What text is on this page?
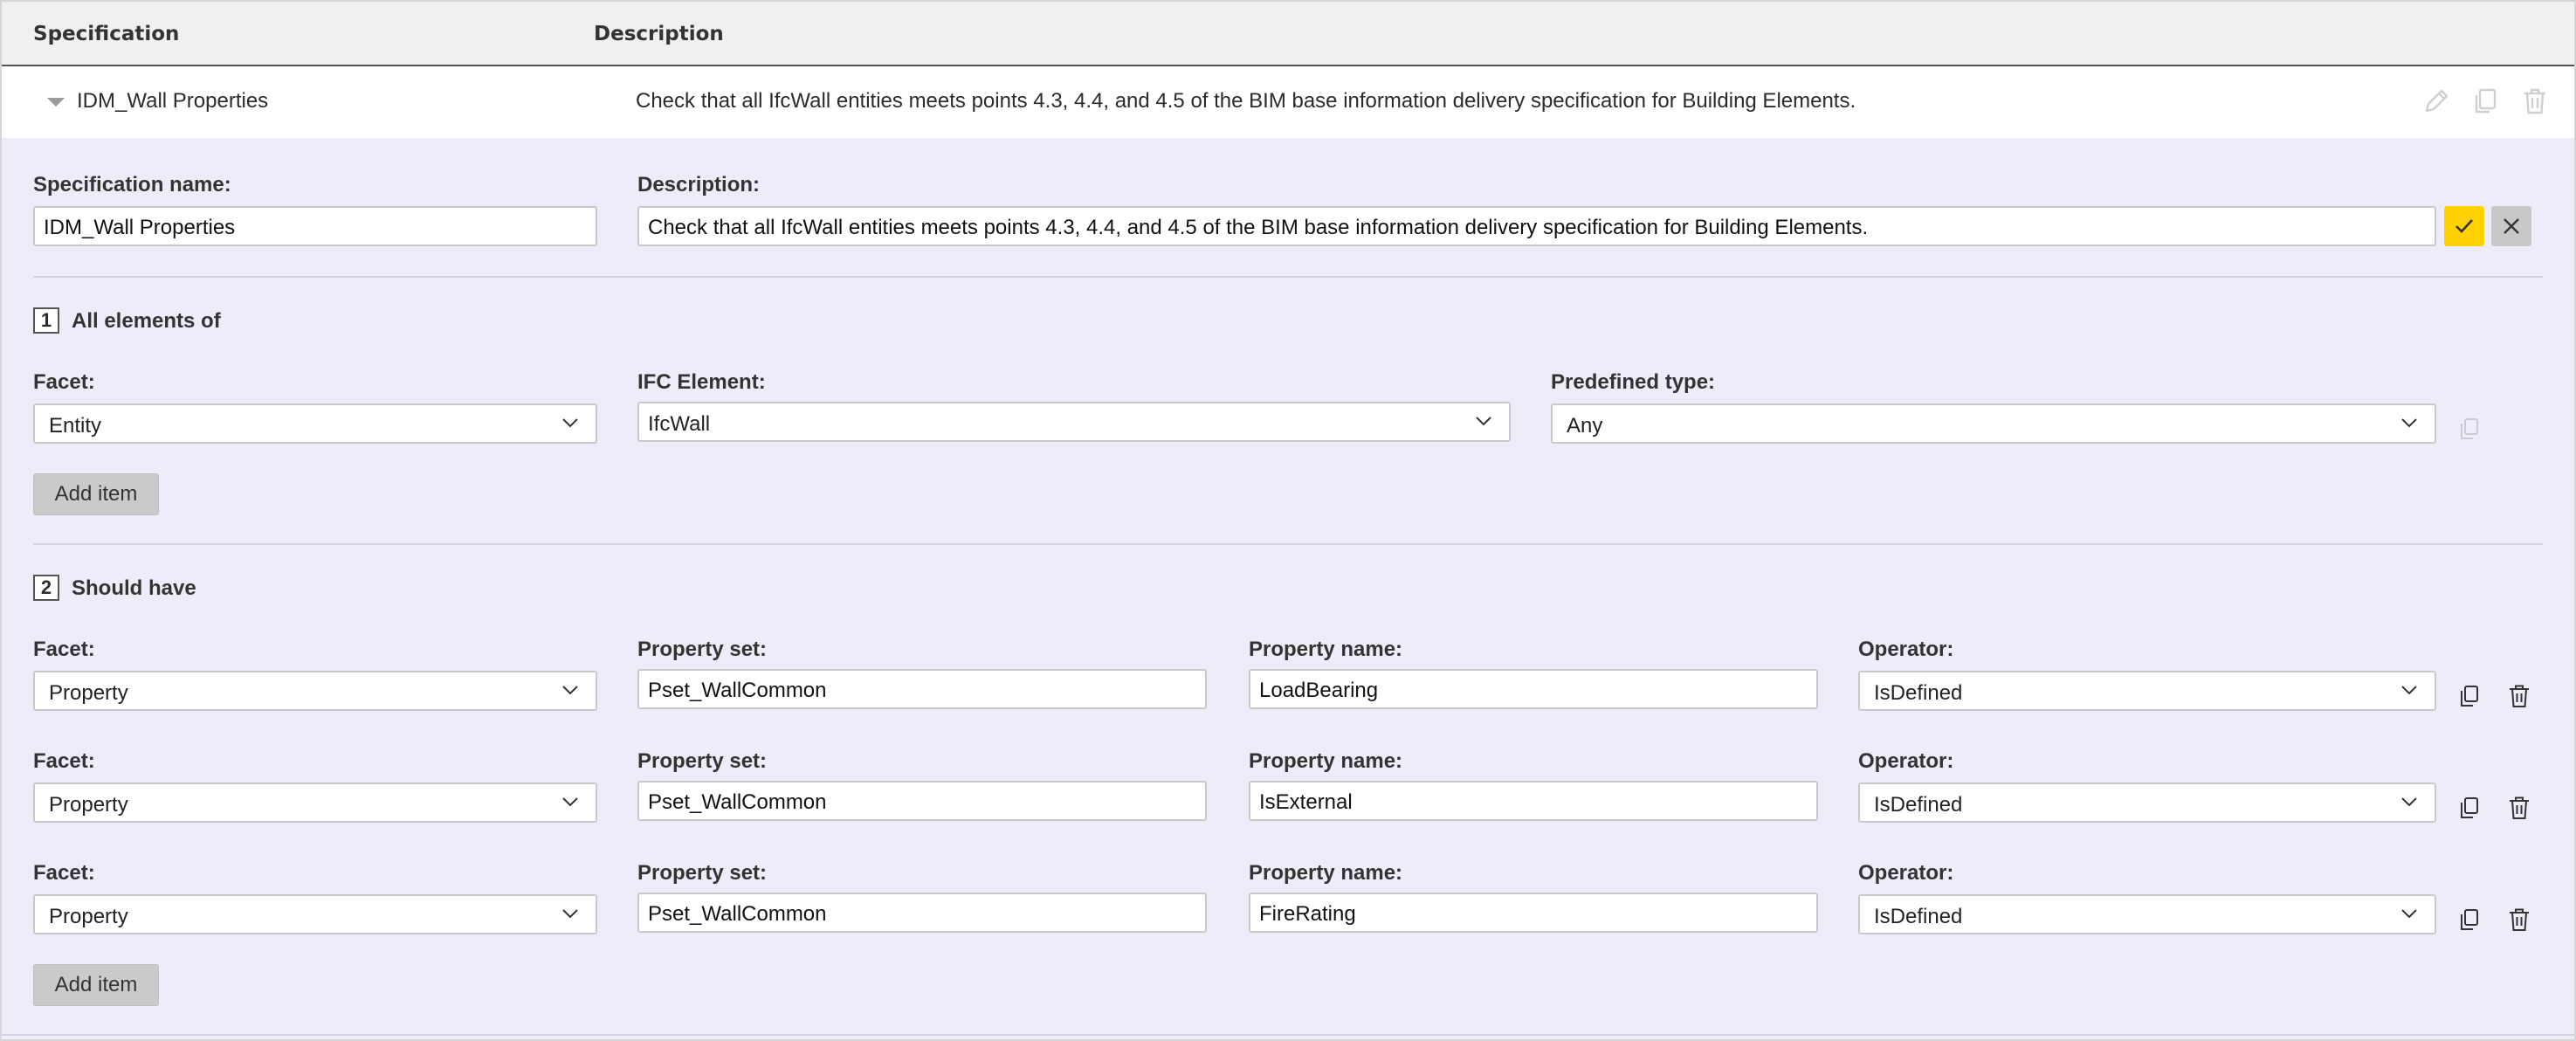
Specification	Description
IDM_Wall Properties	Check that all IfcWall entities meets points 4.3, 4.4, and 4.5 of the BIM base information delivery specification for Building Elements.
Specification name:
IDM_Wall Properties
Description:
Check that all IfcWall entities meets points 4.3, 4.4, and 4.5 of the BIM base information delivery specification for Building Elements.
1 All elements of
Facet:
Entity
IFC Element:
IfcWall
Predefined type:
Any
Add item
2 Should have
Facet:
Property
Property set:
Pset_WallCommon
Property name:
LoadBearing
Operator:
IsDefined
Facet:
Property
Property set:
Pset_WallCommon
Property name:
IsExternal
Operator:
IsDefined
Facet:
Property
Property set:
Pset_WallCommon
Property name:
FireRating
Operator:
IsDefined
Add item
